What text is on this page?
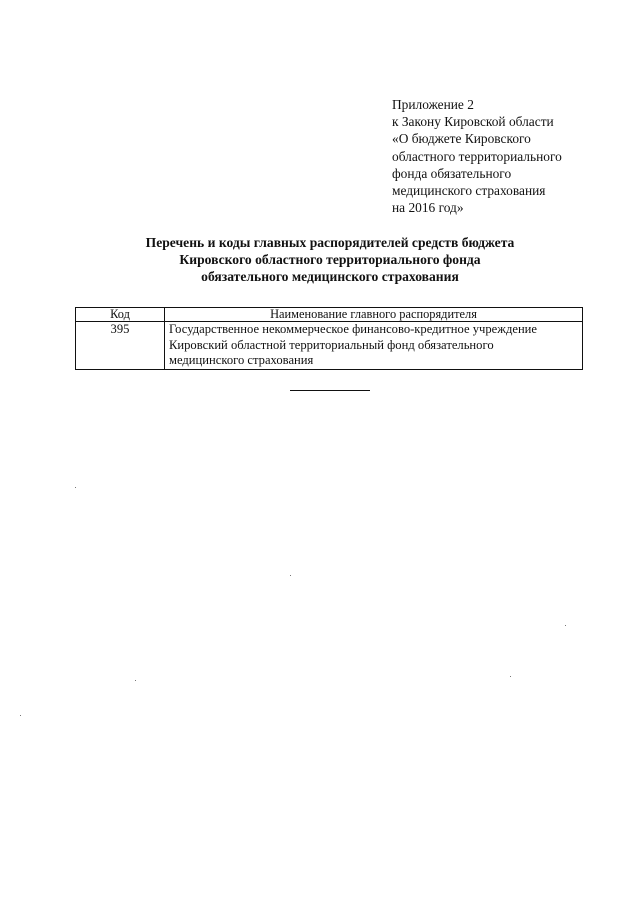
Приложение 2
к Закону Кировской области
«О бюджете Кировского
областного территориального
фонда обязательного
медицинского страхования
на 2016 год»
Перечень и коды главных распорядителей средств бюджета
Кировского областного территориального фонда
обязательного медицинского страхования
Код	Наименование главного распорядителя
395	Государственное некоммерческое финансово-кредитное учреждение
Кировский областной территориальный фонд обязательного
медицинского страхования
